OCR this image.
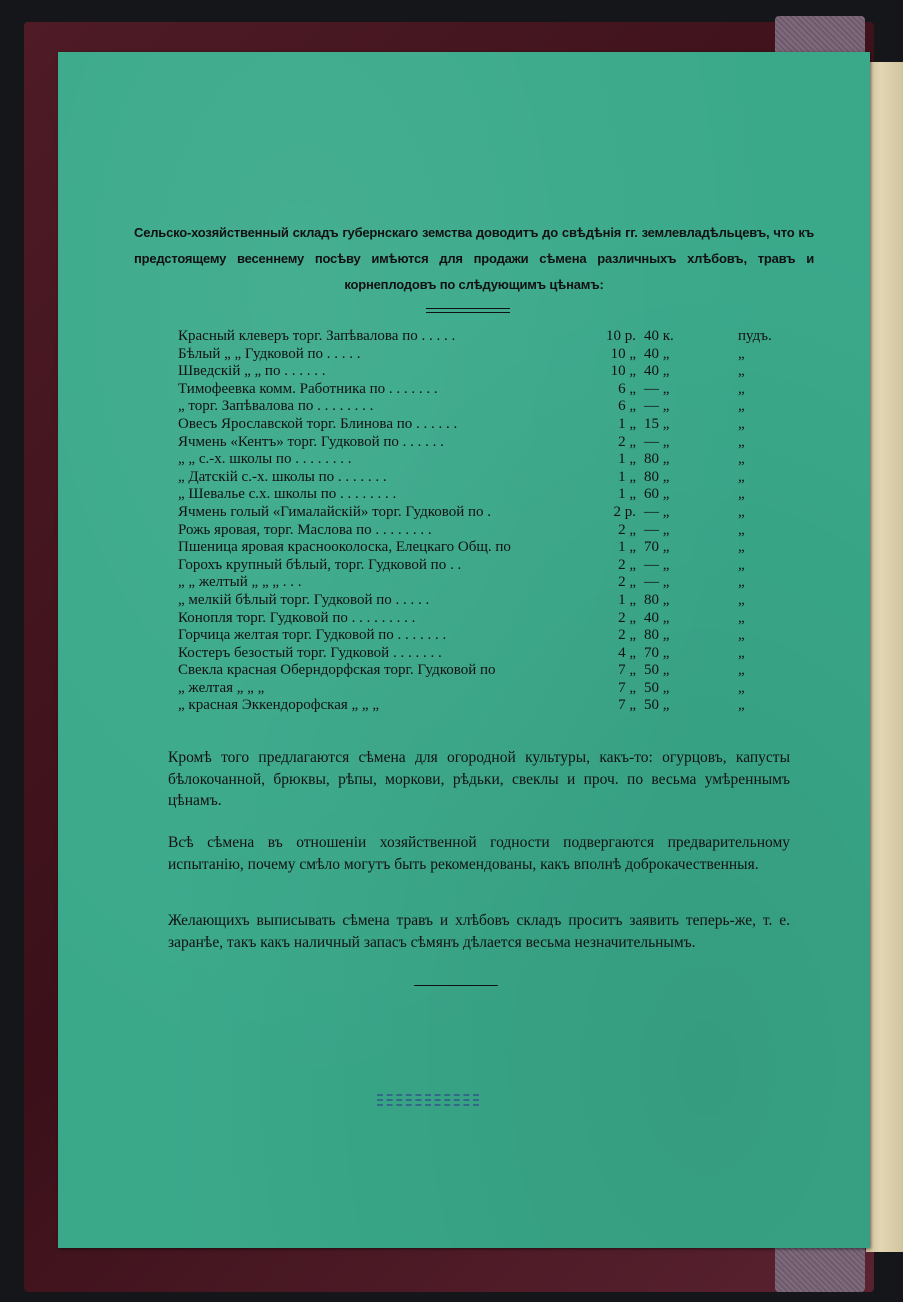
Сельско-хозяйственный складъ губернскаго земства доводитъ до свѣдѣнія гг. землевладѣльцевъ, что къ предстоящему весеннему посѣву имѣются для продажи сѣмена различныхъ хлѣбовъ, травъ и корнеплодовъ по слѣдующимъ цѣнамъ:
Красный клеверъ торг. Запѣвалова по . . . . .	10 р. 40 к.	пудъ.
Бѣлый „ „ Гудковой по . . . . .	10 „ 40 „	„
Шведскій „ „ по . . . . . .	10 „ 40 „	„
Тимофеевка комм. Работника по . . . . . . .	6 „ — „	„
„ торг. Запѣвалова по . . . . . . . .	6 „ — „	„
Овесъ Ярославской торг. Блинова по . . . . . .	1 „ 15 „	„
Ячмень «Кентъ» торг. Гудковой по . . . . . .	2 „ — „	„
„ „ с.-х. школы по . . . . . . . .	1 „ 80 „	„
„ Датскій с.-х. школы по . . . . . . .	1 „ 80 „	„
„ Шевалье с.х. школы по . . . . . . . .	1 „ 60 „	„
Ячмень голый «Гималайскій» торг. Гудковой по .	2 р. — „	„
Рожь яровая, торг. Маслова по . . . . . . . .	2 „ — „	„
Пшеница яровая краснооколоска, Елецкаго Общ. по	1 „ 70 „	„
Горохъ крупный бѣлый, торг. Гудковой по . .	2 „ — „	„
„ „ желтый „ „ „ . . .	2 „ — „	„
„ мелкій бѣлый торг. Гудковой по . . . . .	1 „ 80 „	„
Конопля торг. Гудковой по . . . . . . . . .	2 „ 40 „	„
Горчица желтая торг. Гудковой по . . . . . . .	2 „ 80 „	„
Костеръ безостый торг. Гудковой . . . . . . .	4 „ 70 „	„
Свекла красная Оберндорфская торг. Гудковой по	7 „ 50 „	„
„ желтая „ „ „	7 „ 50 „	„
„ красная Эккендорофская „ „ „	7 „ 50 „	„
Кромѣ того предлагаются сѣмена для огородной культуры, какъ-то: огурцовъ, капусты бѣлокочанной, брюквы, рѣпы, моркови, рѣдьки, свеклы и проч. по весьма умѣреннымъ цѣнамъ.
Всѣ сѣмена въ отношеніи хозяйственной годности подвергаются предварительному испытанію, почему смѣло могутъ быть рекомендованы, какъ вполнѣ доброкачественныя.
Желающихъ выписывать сѣмена травъ и хлѣбовъ складъ проситъ заявить теперь-же, т. е. заранѣе, такъ какъ наличный запасъ сѣмянъ дѣлается весьма незначительнымъ.
